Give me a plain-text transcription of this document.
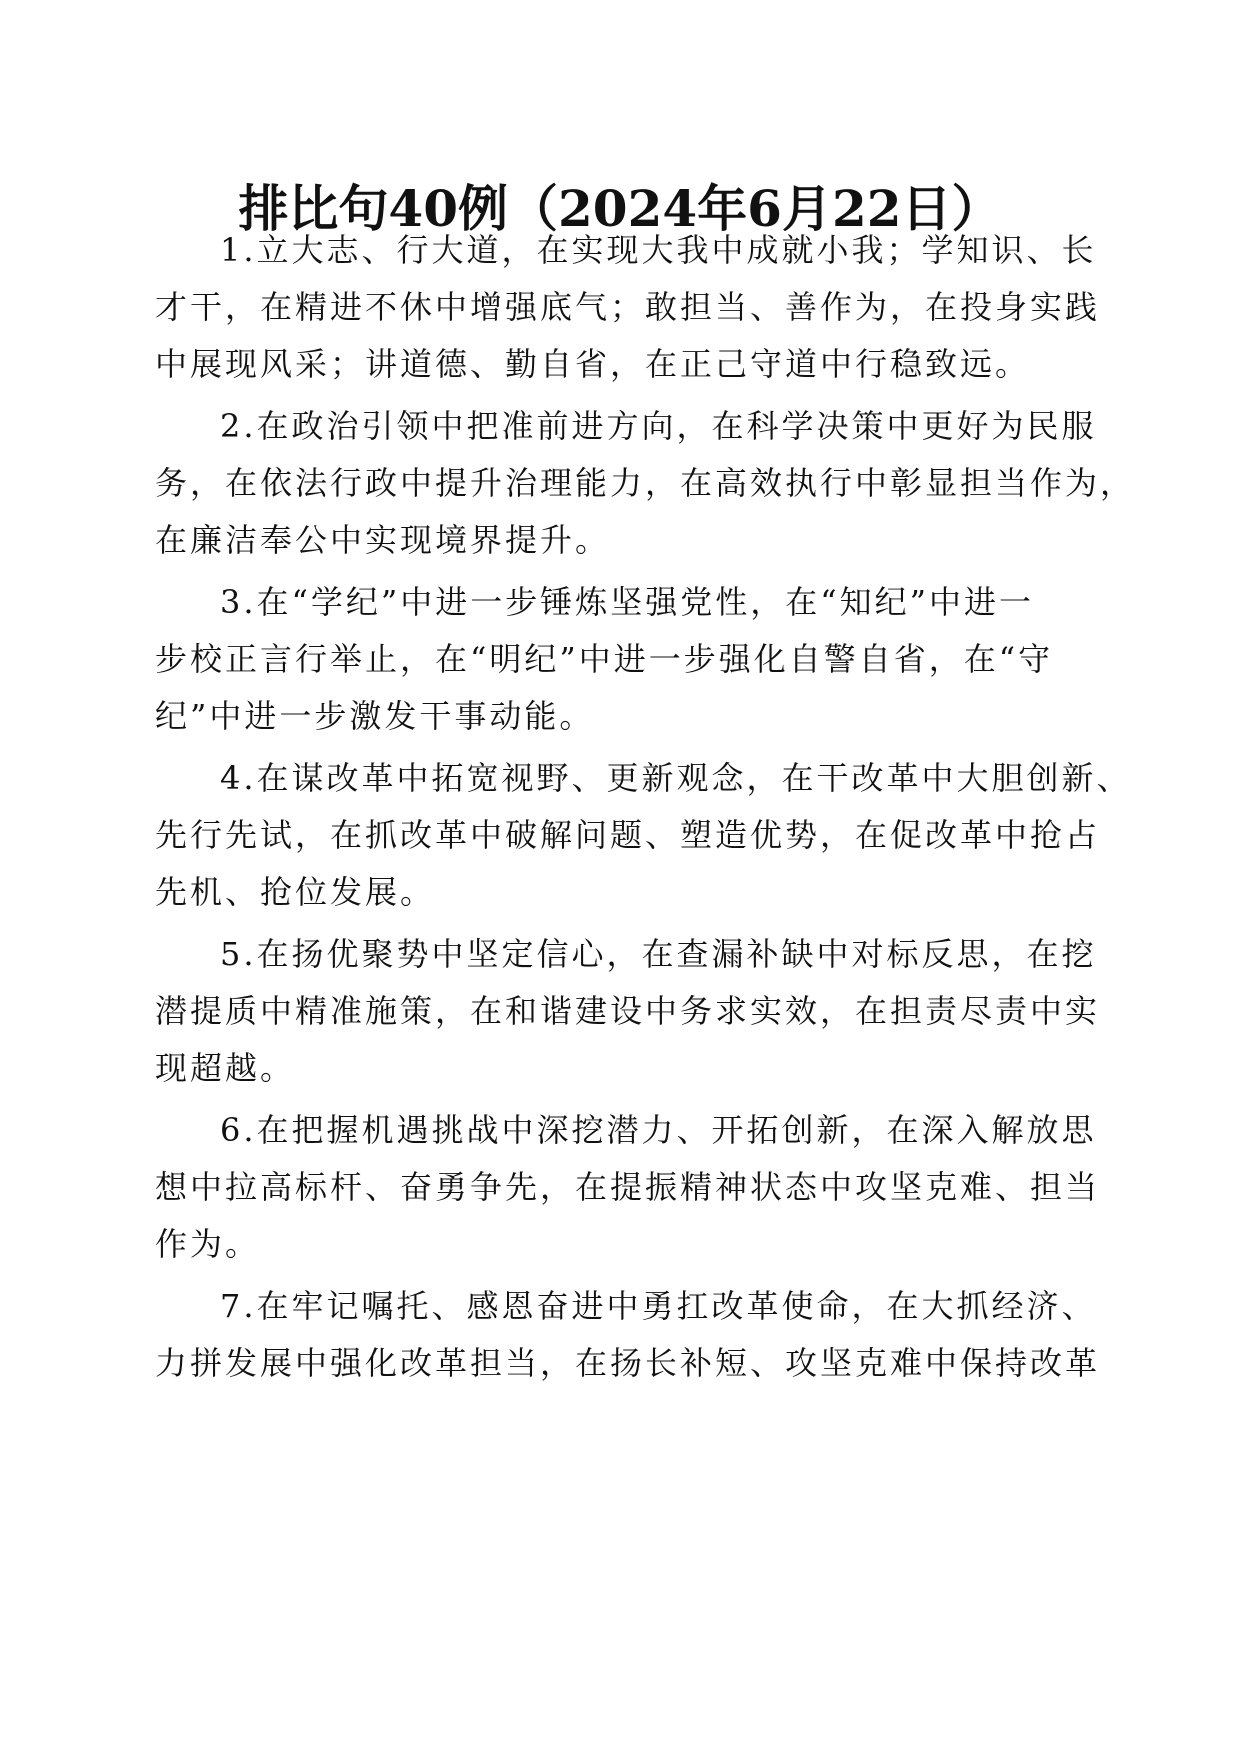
排比句40例（2024年6月22日）
1.立大志、行大道，在实现大我中成就小我；学知识、长
才干，在精进不休中增强底气；敢担当、善作为，在投身实践
中展现风采；讲道德、勤自省，在正己守道中行稳致远。
2.在政治引领中把准前进方向，在科学决策中更好为民服
务，在依法行政中提升治理能力，在高效执行中彰显担当作为，
在廉洁奉公中实现境界提升。
3.在“学纪”中进一步锤炼坚强党性，在“知纪”中进一
步校正言行举止，在“明纪”中进一步强化自警自省，在“守
纪”中进一步激发干事动能。
4.在谋改革中拓宽视野、更新观念，在干改革中大胆创新、
先行先试，在抓改革中破解问题、塑造优势，在促改革中抢占
先机、抢位发展。
5.在扬优聚势中坚定信心，在查漏补缺中对标反思，在挖
潜提质中精准施策，在和谐建设中务求实效，在担责尽责中实
现超越。
6.在把握机遇挑战中深挖潜力、开拓创新，在深入解放思
想中拉高标杆、奋勇争先，在提振精神状态中攻坚克难、担当
作为。
7.在牢记嘱托、感恩奋进中勇扛改革使命，在大抓经济、
力拼发展中强化改革担当，在扬长补短、攻坚克难中保持改革
